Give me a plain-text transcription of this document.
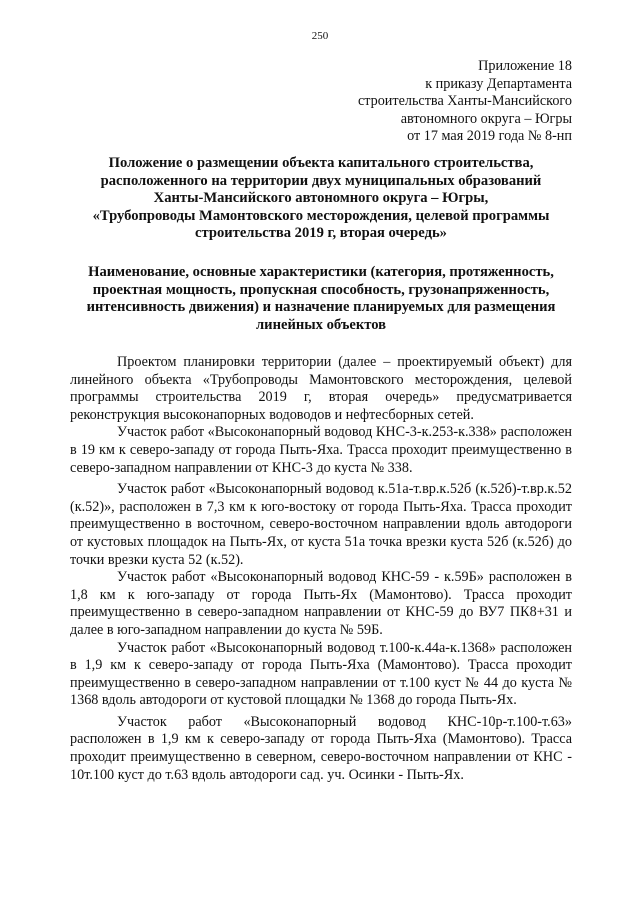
250
Приложение 18
к приказу Департамента
строительства Ханты-Мансийского
автономного округа – Югры
от 17 мая 2019 года № 8-нп
Положение о размещении объекта капитального строительства,
расположенного на территории двух муниципальных образований
Ханты-Мансийского автономного округа – Югры,
«Трубопроводы Мамонтовского месторождения, целевой программы
строительства 2019 г, вторая очередь»
Наименование, основные характеристики (категория, протяженность,
проектная мощность, пропускная способность, грузонапряженность,
интенсивность движения) и назначение планируемых для размещения
линейных объектов

Проектом планировки территории (далее – проектируемый объект) для линейного объекта «Трубопроводы Мамонтовского месторождения, целевой программы строительства 2019 г, вторая очередь» предусматривается реконструкция высоконапорных водоводов и нефтесборных сетей.

Участок работ «Высоконапорный водовод КНС-3-к.253-к.338» расположен в 19 км к северо-западу от города Пыть-Яха. Трасса проходит преимущественно в северо-западном направлении от КНС-3 до куста № 338.

Участок работ «Высоконапорный водовод к.51а-т.вр.к.52б (к.52б)-т.вр.к.52 (к.52)», расположен в 7,3 км к юго-востоку от города Пыть-Яха. Трасса проходит преимущественно в восточном, северо-восточном направлении вдоль автодороги от кустовых площадок на Пыть-Ях, от куста 51а точка врезки куста 52б (к.52б) до точки врезки куста 52 (к.52).

Участок работ «Высоконапорный водовод КНС-59 - к.59Б» расположен в 1,8 км к юго-западу от города Пыть-Ях (Мамонтово). Трасса проходит преимущественно в северо-западном направлении от КНС-59 до ВУ7 ПК8+31 и далее в юго-западном направлении до куста № 59Б.

Участок работ «Высоконапорный водовод т.100-к.44а-к.1368» расположен в 1,9 км к северо-западу от города Пыть-Яха (Мамонтово). Трасса проходит преимущественно в северо-западном направлении от т.100 куст № 44 до куста № 1368 вдоль автодороги от кустовой площадки № 1368 до города Пыть-Ях.

Участок работ «Высоконапорный водовод КНС-10р-т.100-т.63» расположен в 1,9 км к северо-западу от города Пыть-Яха (Мамонтово). Трасса проходит преимущественно в северном, северо-восточном направлении от КНС - 10т.100 куст до т.63 вдоль автодороги сад. уч. Осинки - Пыть-Ях.
